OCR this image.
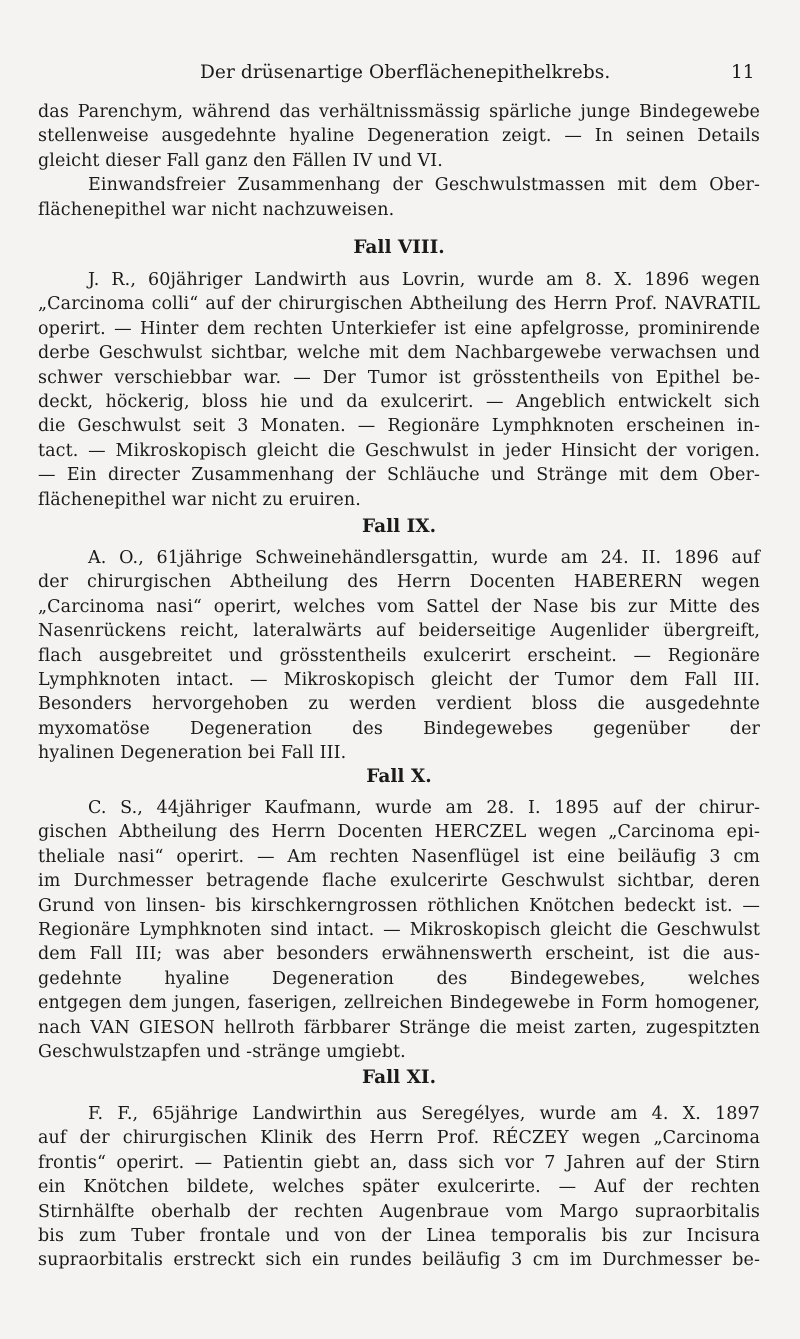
Der drüsenartige Oberflächenepithelkrebs.	11
das Parenchym, während das verhältnissmässig spärliche junge Bindegewebe
stellenweise ausgedehnte hyaline Degeneration zeigt. — In seinen Details
gleicht dieser Fall ganz den Fällen IV und VI.
Einwandsfreier Zusammenhang der Geschwulstmassen mit dem Ober-
flächenepithel war nicht nachzuweisen.
Fall VIII.
J. R., 60jähriger Landwirth aus Lovrin, wurde am 8. X. 1896 wegen
„Carcinoma colli“ auf der chirurgischen Abtheilung des Herrn Prof. NAVRATIL
operirt. — Hinter dem rechten Unterkiefer ist eine apfelgrosse, prominirende
derbe Geschwulst sichtbar, welche mit dem Nachbargewebe verwachsen und
schwer verschiebbar war. — Der Tumor ist grösstentheils von Epithel be-
deckt, höckerig, bloss hie und da exulcerirt. — Angeblich entwickelt sich
die Geschwulst seit 3 Monaten. — Regionäre Lymphknoten erscheinen in-
tact. — Mikroskopisch gleicht die Geschwulst in jeder Hinsicht der vorigen.
— Ein directer Zusammenhang der Schläuche und Stränge mit dem Ober-
flächenepithel war nicht zu eruiren.
Fall IX.
A. O., 61jährige Schweinehändlersgattin, wurde am 24. II. 1896 auf
der chirurgischen Abtheilung des Herrn Docenten HABERERN wegen
„Carcinoma nasi“ operirt, welches vom Sattel der Nase bis zur Mitte des
Nasenrückens reicht, lateralwärts auf beiderseitige Augenlider übergreift,
flach ausgebreitet und grösstentheils exulcerirt erscheint. — Regionäre
Lymphknoten intact. — Mikroskopisch gleicht der Tumor dem Fall III.
Besonders hervorgehoben zu werden verdient bloss die ausgedehnte
myxomatöse Degeneration des Bindegewebes gegenüber der
hyalinen Degeneration bei Fall III.
Fall X.
C. S., 44jähriger Kaufmann, wurde am 28. I. 1895 auf der chirur-
gischen Abtheilung des Herrn Docenten HERCZEL wegen „Carcinoma epi-
theliale nasi“ operirt. — Am rechten Nasenflügel ist eine beiläufig 3 cm
im Durchmesser betragende flache exulcerirte Geschwulst sichtbar, deren
Grund von linsen- bis kirschkerngrossen röthlichen Knötchen bedeckt ist. —
Regionäre Lymphknoten sind intact. — Mikroskopisch gleicht die Geschwulst
dem Fall III; was aber besonders erwähnenswerth erscheint, ist die aus-
gedehnte hyaline Degeneration des Bindegewebes, welches
entgegen dem jungen, faserigen, zellreichen Bindegewebe in Form homogener,
nach VAN GIESON hellroth färbbarer Stränge die meist zarten, zugespitzten
Geschwulstzapfen und -stränge umgiebt.
Fall XI.
F. F., 65jährige Landwirthin aus Seregélyes, wurde am 4. X. 1897
auf der chirurgischen Klinik des Herrn Prof. RÉCZEY wegen „Carcinoma
frontis“ operirt. — Patientin giebt an, dass sich vor 7 Jahren auf der Stirn
ein Knötchen bildete, welches später exulcerirte. — Auf der rechten
Stirnhälfte oberhalb der rechten Augenbraue vom Margo supraorbitalis
bis zum Tuber frontale und von der Linea temporalis bis zur Incisura
supraorbitalis erstreckt sich ein rundes beiläufig 3 cm im Durchmesser be-
